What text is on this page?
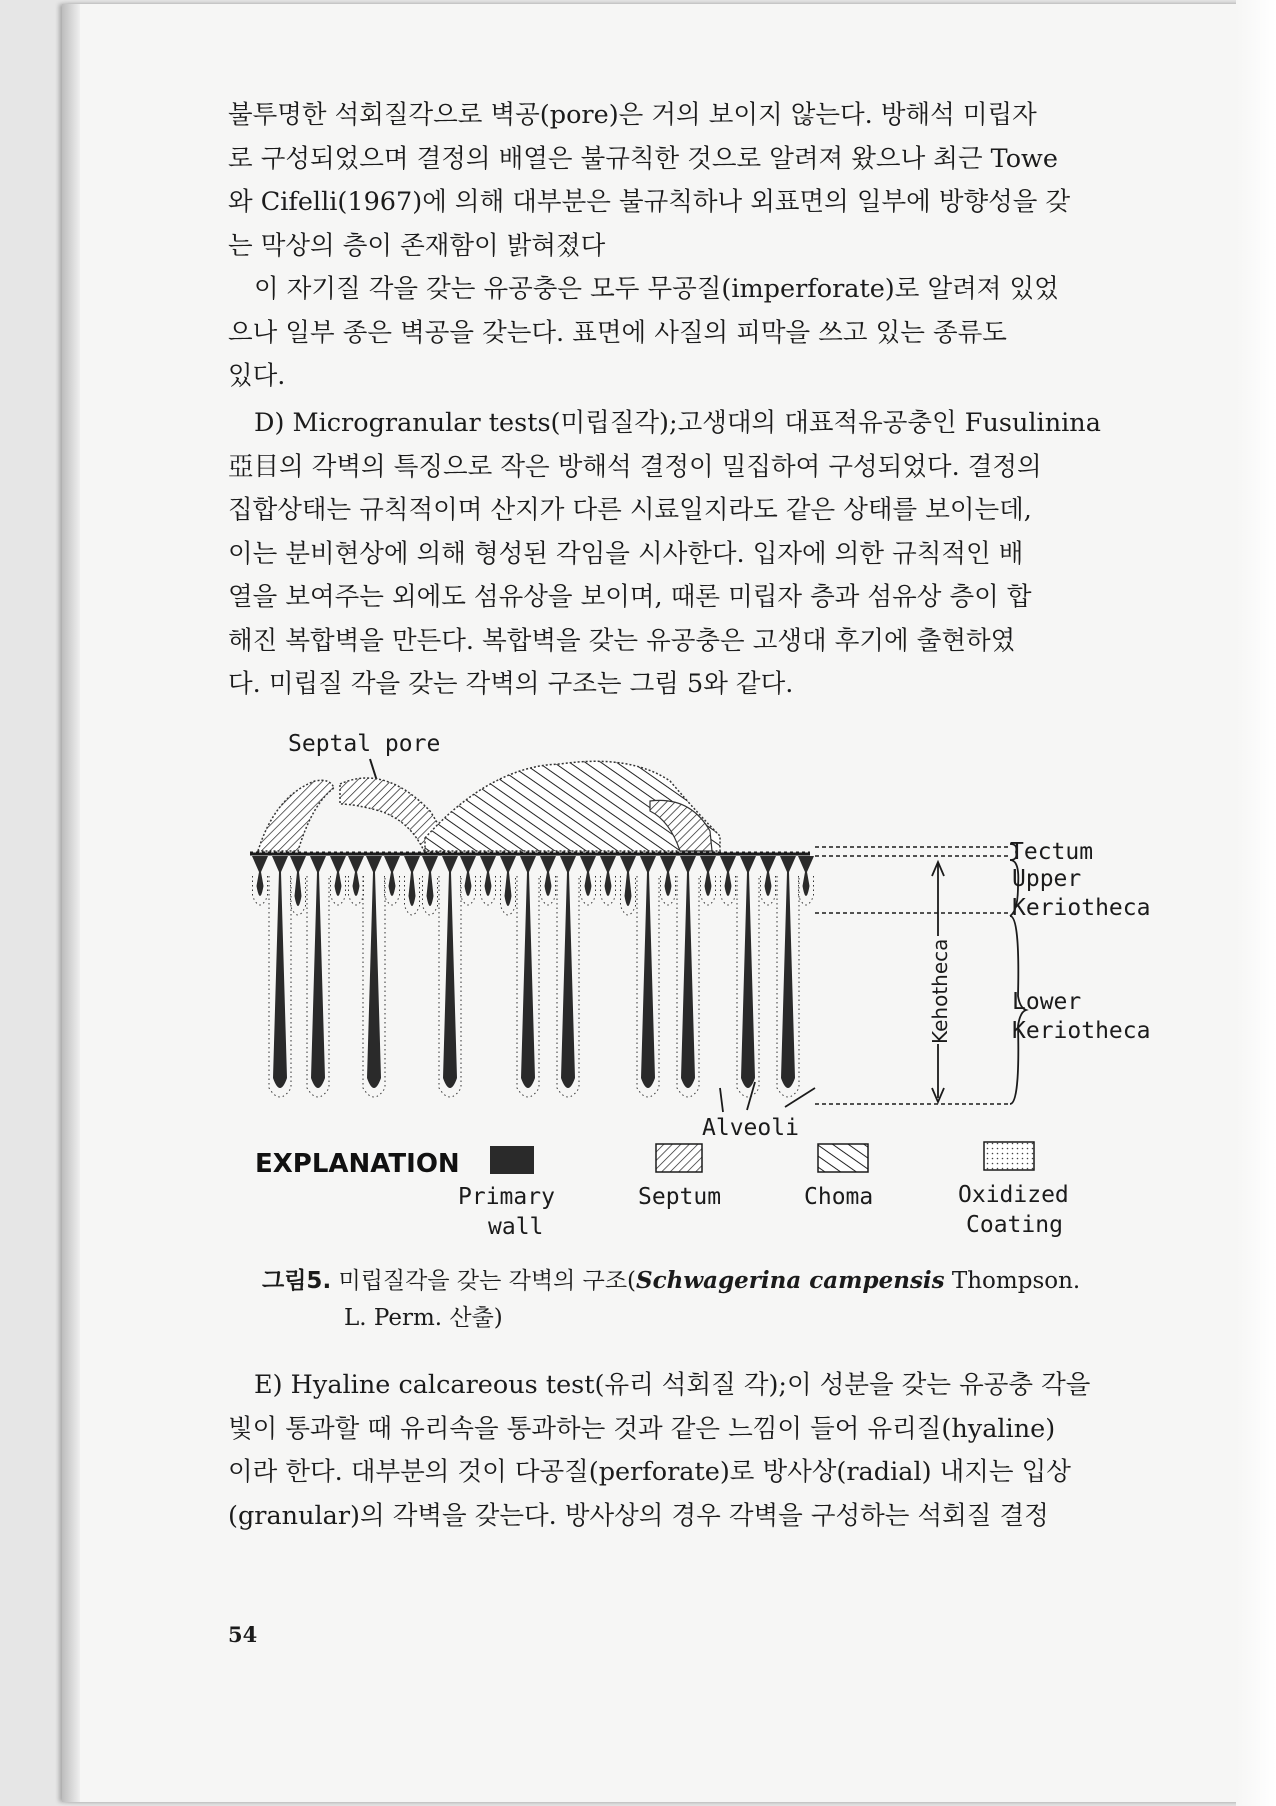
불투명한 석회질각으로 벽공(pore)은 거의 보이지 않는다. 방해석 미립자

로 구성되었으며 결정의 배열은 불규칙한 것으로 알려져 왔으나 최근 Towe

와 Cifelli(1967)에 의해 대부분은 불규칙하나 외표면의 일부에 방향성을 갖

는 막상의 층이 존재함이 밝혀졌다

이 자기질 각을 갖는 유공충은 모두 무공질(imperforate)로 알려져 있었

으나 일부 종은 벽공을 갖는다. 표면에 사질의 피막을 쓰고 있는 종류도

있다.

D) Microgranular tests(미립질각);고생대의 대표적유공충인 Fusulinina

亞目의 각벽의 특징으로 작은 방해석 결정이 밀집하여 구성되었다. 결정의

집합상태는 규칙적이며 산지가 다른 시료일지라도 같은 상태를 보이는데,

이는 분비현상에 의해 형성된 각임을 시사한다. 입자에 의한 규칙적인 배

열을 보여주는 외에도 섬유상을 보이며, 때론 미립자 층과 섬유상 층이 합

해진 복합벽을 만든다. 복합벽을 갖는 유공충은 고생대 후기에 출현하였

다. 미립질 각을 갖는 각벽의 구조는 그림 5와 같다.

Septal pore
Kehotheca
Tectum
Upper
Keriotheca
Lower
Keriotheca
Alveoli
EXPLANATION
Primary
wall
Septum	Choma	Oxidized
Coating
그림5. 미립질각을 갖는 각벽의 구조(Schwagerina campensis Thompson.
L. Perm. 산출)

E) Hyaline calcareous test(유리 석회질 각);이 성분을 갖는 유공충 각을

빛이 통과할 때 유리속을 통과하는 것과 같은 느낌이 들어 유리질(hyaline)

이라 한다. 대부분의 것이 다공질(perforate)로 방사상(radial) 내지는 입상

(granular)의 각벽을 갖는다. 방사상의 경우 각벽을 구성하는 석회질 결정

54
